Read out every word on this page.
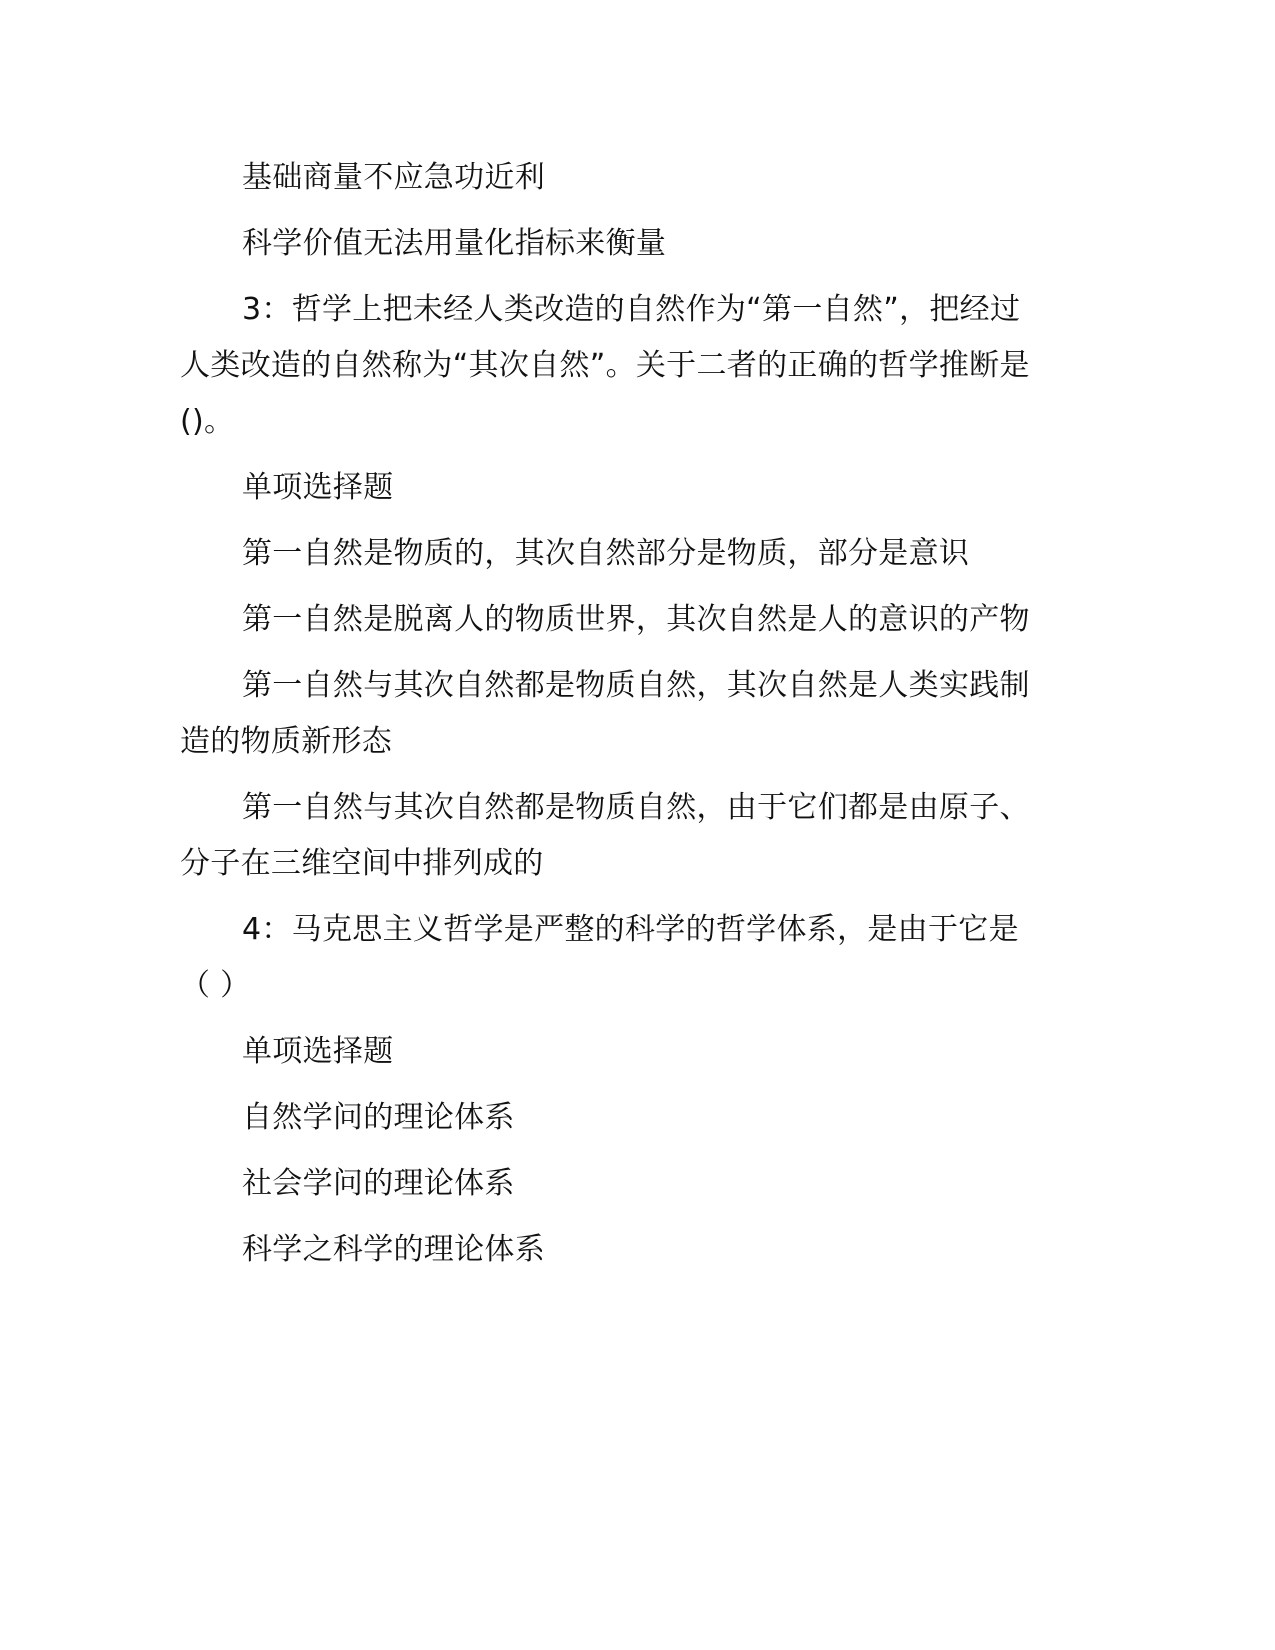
基础商量不应急功近利

科学价值无法用量化指标来衡量

3：哲学上把未经人类改造的自然作为“第一自然”，把经过人类改造的自然称为“其次自然”。关于二者的正确的哲学推断是()。

单项选择题

第一自然是物质的，其次自然部分是物质，部分是意识

第一自然是脱离人的物质世界，其次自然是人的意识的产物

第一自然与其次自然都是物质自然，其次自然是人类实践制造的物质新形态

第一自然与其次自然都是物质自然，由于它们都是由原子、分子在三维空间中排列成的

4：马克思主义哲学是严整的科学的哲学体系，是由于它是（ ）

单项选择题

自然学问的理论体系

社会学问的理论体系

科学之科学的理论体系
